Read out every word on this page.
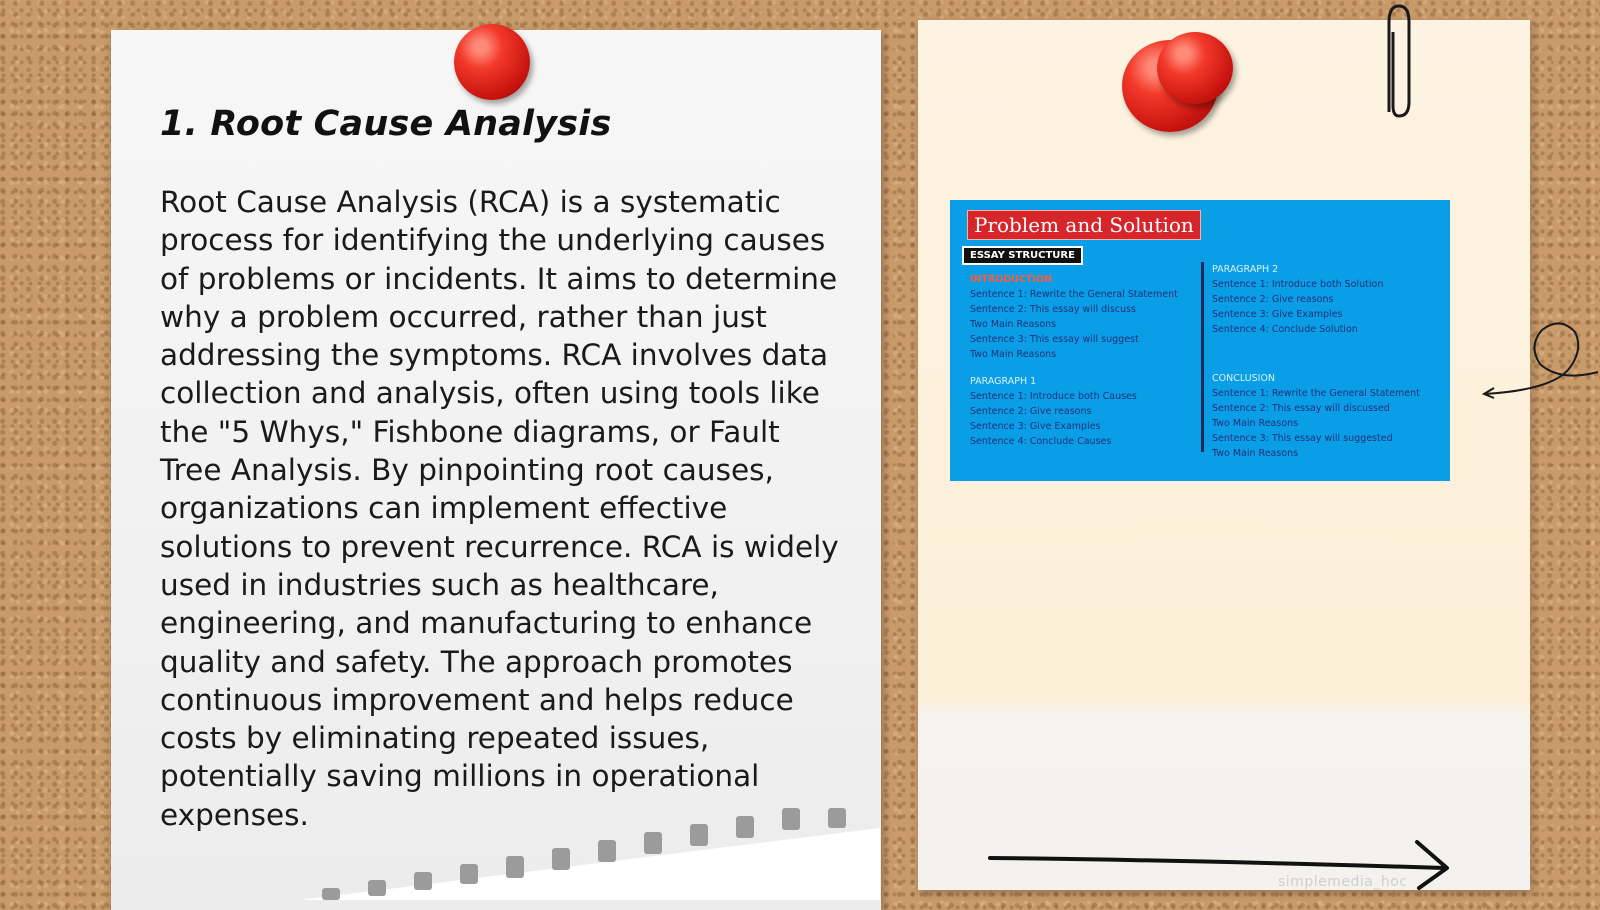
1. Root Cause Analysis

Root Cause Analysis (RCA) is a systematic process for identifying the underlying causes of problems or incidents. It aims to determine why a problem occurred, rather than just addressing the symptoms. RCA involves data collection and analysis, often using tools like the "5 Whys," Fishbone diagrams, or Fault Tree Analysis. By pinpointing root causes, organizations can implement effective solutions to prevent recurrence. RCA is widely used in industries such as healthcare, engineering, and manufacturing to enhance quality and safety. The approach promotes continuous improvement and helps reduce costs by eliminating repeated issues, potentially saving millions in operational expenses.

Problem and Solution
ESSAY STRUCTURE
INTRODUCTION
Sentence 1: Rewrite the General Statement
Sentence 2: This essay will discuss
Two Main Reasons
Sentence 3: This essay will suggest
Two Main Reasons
PARAGRAPH 1
Sentence 1: Introduce both Causes
Sentence 2: Give reasons
Sentence 3: Give Examples
Sentence 4: Conclude Causes
PARAGRAPH 2
Sentence 1: Introduce both Solution
Sentence 2: Give reasons
Sentence 3: Give Examples
Sentence 4: Conclude Solution
CONCLUSION
Sentence 1: Rewrite the General Statement
Sentence 2: This essay will discussed
Two Main Reasons
Sentence 3: This essay will suggested
Two Main Reasons
simplemedia_hoc
